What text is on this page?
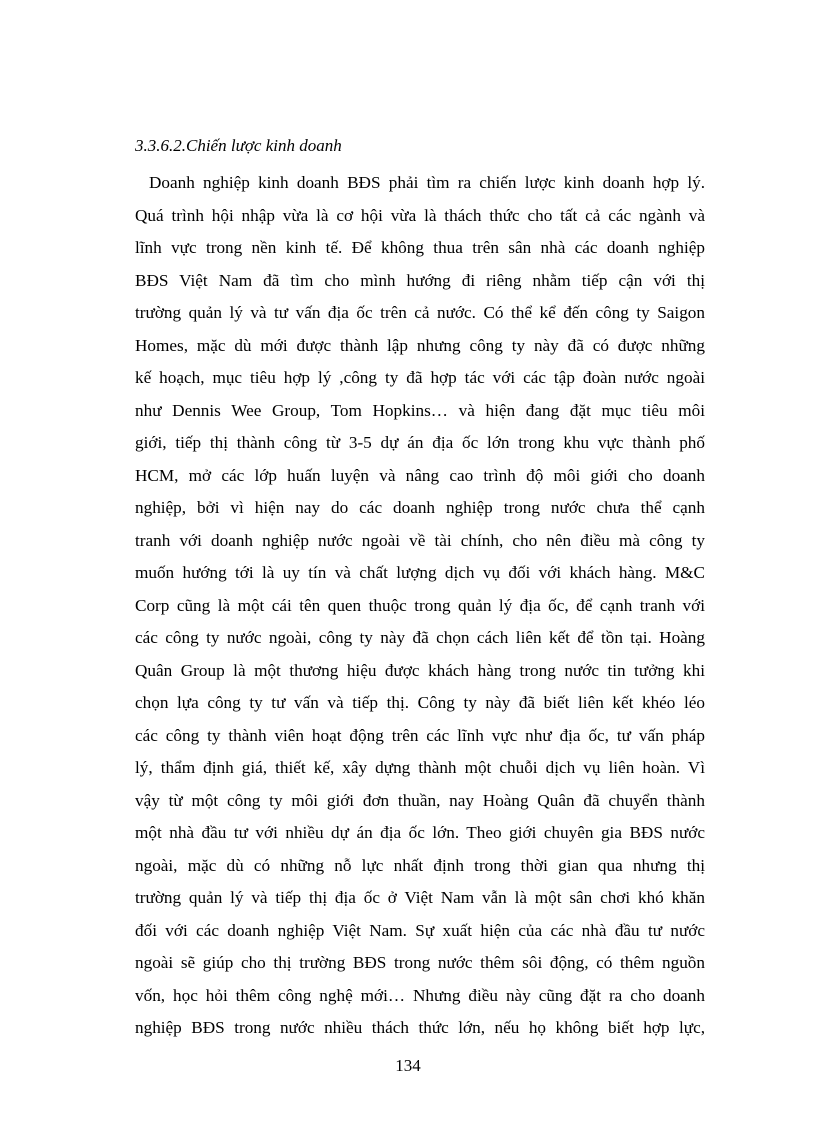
3.3.6.2.Chiến lược kinh doanh
Doanh nghiệp kinh doanh BĐS phải tìm ra chiến lược kinh doanh hợp lý.
Quá trình hội nhập vừa là cơ hội vừa là thách thức cho tất cả các ngành và
lĩnh vực trong nền kinh tế. Để không thua trên sân nhà các doanh nghiệp
BĐS Việt Nam đã tìm cho mình hướng đi riêng nhằm tiếp cận với thị
trường quản lý và tư vấn địa ốc trên cả nước. Có thể kể đến công ty Saigon
Homes, mặc dù mới được thành lập nhưng công ty này đã có được những
kế hoạch, mục tiêu hợp lý ,công ty đã hợp tác với các tập đoàn nước ngoài
như Dennis Wee Group, Tom Hopkins… và hiện đang đặt mục tiêu môi
giới, tiếp thị thành công từ 3-5 dự án địa ốc lớn trong khu vực thành phố
HCM, mở các lớp huấn luyện và nâng cao trình độ môi giới cho doanh
nghiệp, bởi vì hiện nay do các doanh nghiệp trong nước chưa thể cạnh
tranh với doanh nghiệp nước ngoài về tài chính, cho nên điều mà công ty
muốn hướng tới là uy tín và chất lượng dịch vụ đối với khách hàng. M&C
Corp cũng là một cái tên quen thuộc trong quản lý địa ốc, để cạnh tranh với
các công ty nước ngoài, công ty này đã chọn cách liên kết để tồn tại. Hoàng
Quân Group là một thương hiệu được khách hàng trong nước tin tưởng khi
chọn lựa công ty tư vấn và tiếp thị. Công ty này đã biết liên kết khéo léo
các công ty thành viên hoạt động trên các lĩnh vực như địa ốc, tư vấn pháp
lý, thẩm định giá, thiết kế, xây dựng thành một chuỗi dịch vụ liên hoàn. Vì
vậy từ một công ty môi giới đơn thuần, nay Hoàng Quân đã chuyển thành
một nhà đầu tư với nhiều dự án địa ốc lớn. Theo giới chuyên gia BĐS nước
ngoài, mặc dù có những nỗ lực nhất định trong thời gian qua nhưng thị
trường quản lý và tiếp thị địa ốc ở Việt Nam vẫn là một sân chơi khó khăn
đối với các doanh nghiệp Việt Nam. Sự xuất hiện của các nhà đầu tư nước
ngoài sẽ giúp cho thị trường BĐS trong nước thêm sôi động, có thêm nguồn
vốn, học hỏi thêm công nghệ mới… Nhưng điều này cũng đặt ra cho doanh
nghiệp BĐS trong nước nhiều thách thức lớn, nếu họ không biết hợp lực,
134
